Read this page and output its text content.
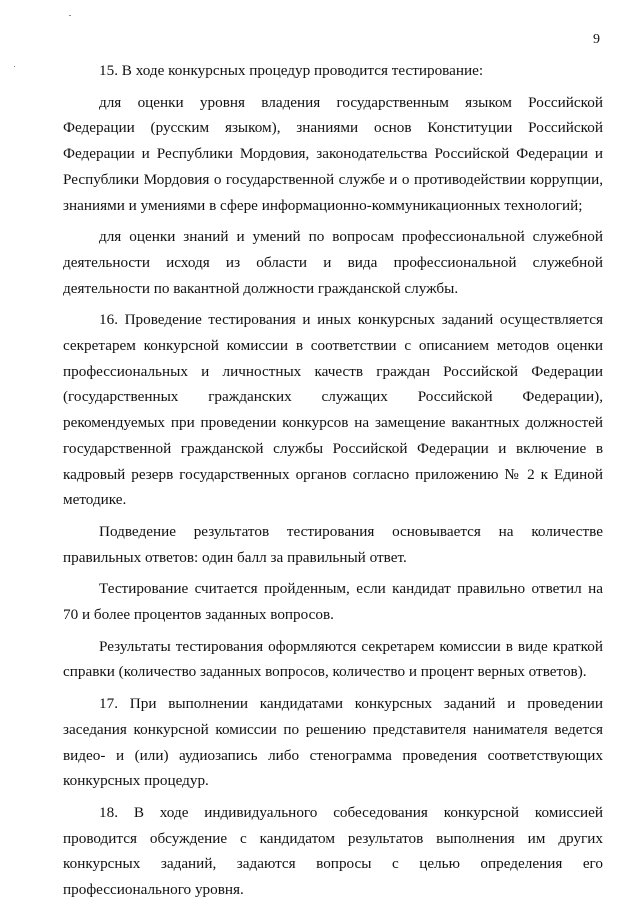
9

15. В ходе конкурсных процедур проводится тестирование:

для оценки уровня владения государственным языком Российской Федерации (русским языком), знаниями основ Конституции Российской Федерации и Республики Мордовия, законодательства Российской Федерации и Республики Мордовия о государственной службе и о противодействии коррупции, знаниями и умениями в сфере информационно-коммуникационных технологий;

для оценки знаний и умений по вопросам профессиональной служебной деятельности исходя из области и вида профессиональной служебной деятельности по вакантной должности гражданской службы.

16. Проведение тестирования и иных конкурсных заданий осуществляется секретарем конкурсной комиссии в соответствии с описанием методов оценки профессиональных и личностных качеств граждан Российской Федерации (государственных гражданских служащих Российской Федерации), рекомендуемых при проведении конкурсов на замещение вакантных должностей государственной гражданской службы Российской Федерации и включение в кадровый резерв государственных органов согласно приложению № 2 к Единой методике.

Подведение результатов тестирования основывается на количестве правильных ответов: один балл за правильный ответ.

Тестирование считается пройденным, если кандидат правильно ответил на 70 и более процентов заданных вопросов.

Результаты тестирования оформляются секретарем комиссии в виде краткой справки (количество заданных вопросов, количество и процент верных ответов).

17. При выполнении кандидатами конкурсных заданий и проведении заседания конкурсной комиссии по решению представителя нанимателя ведется видео- и (или) аудиозапись либо стенограмма проведения соответствующих конкурсных процедур.

18. В ходе индивидуального собеседования конкурсной комиссией проводится обсуждение с кандидатом результатов выполнения им других конкурсных заданий, задаются вопросы с целью определения его профессионального уровня.
